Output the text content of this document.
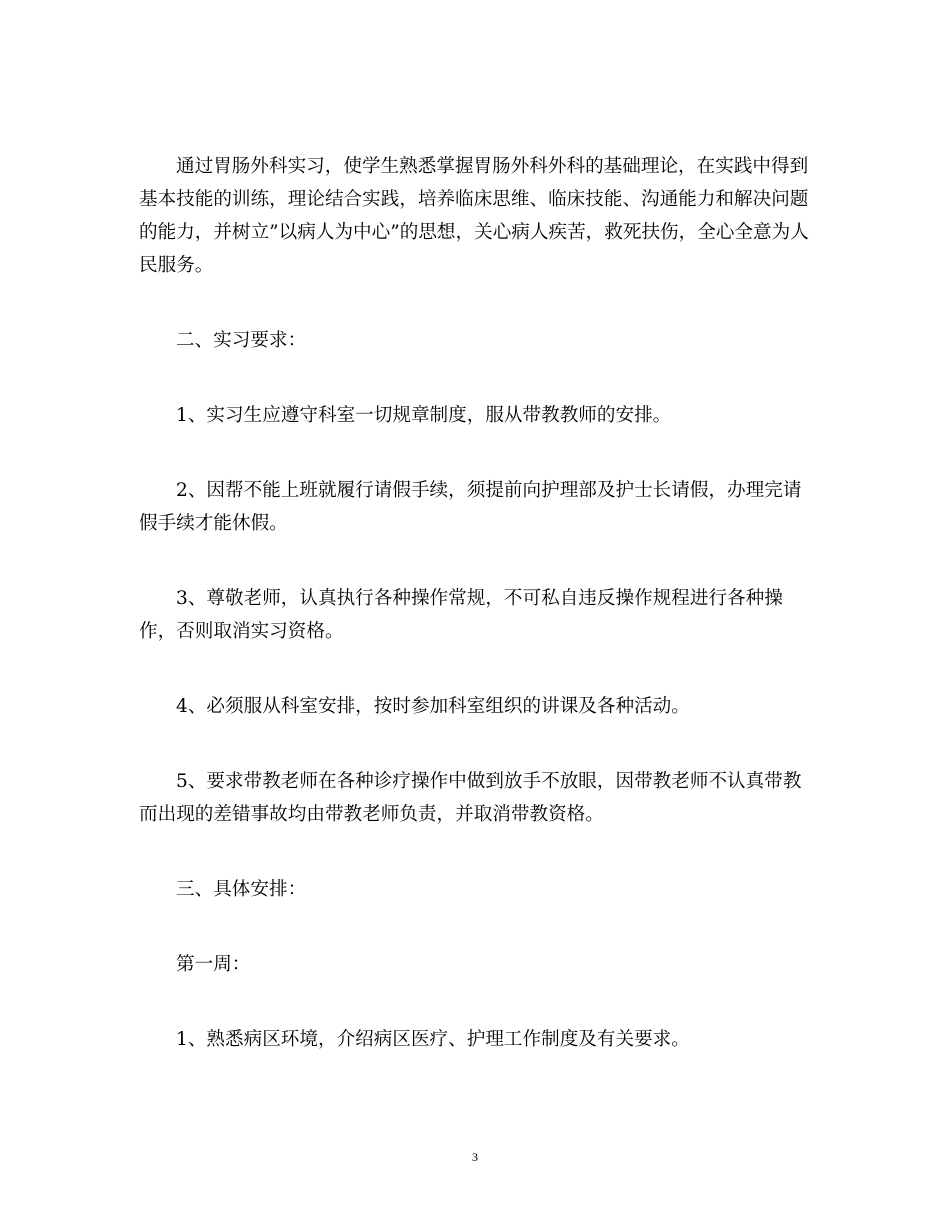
通过胃肠外科实习，使学生熟悉掌握胃肠外科外科的基础理论，在实践中得到基本技能的训练，理论结合实践，培养临床思维、临床技能、沟通能力和解决问题的能力，并树立”以病人为中心”的思想，关心病人疾苦，救死扶伤，全心全意为人民服务。

二、实习要求：

1、实习生应遵守科室一切规章制度，服从带教教师的安排。

2、因帮不能上班就履行请假手续，须提前向护理部及护士长请假，办理完请假手续才能休假。

3、尊敬老师，认真执行各种操作常规，不可私自违反操作规程进行各种操作，否则取消实习资格。

4、必须服从科室安排，按时参加科室组织的讲课及各种活动。

5、要求带教老师在各种诊疗操作中做到放手不放眼，因带教老师不认真带教而出现的差错事故均由带教老师负责，并取消带教资格。

三、具体安排：

第一周：

1、熟悉病区环境，介绍病区医疗、护理工作制度及有关要求。

3
